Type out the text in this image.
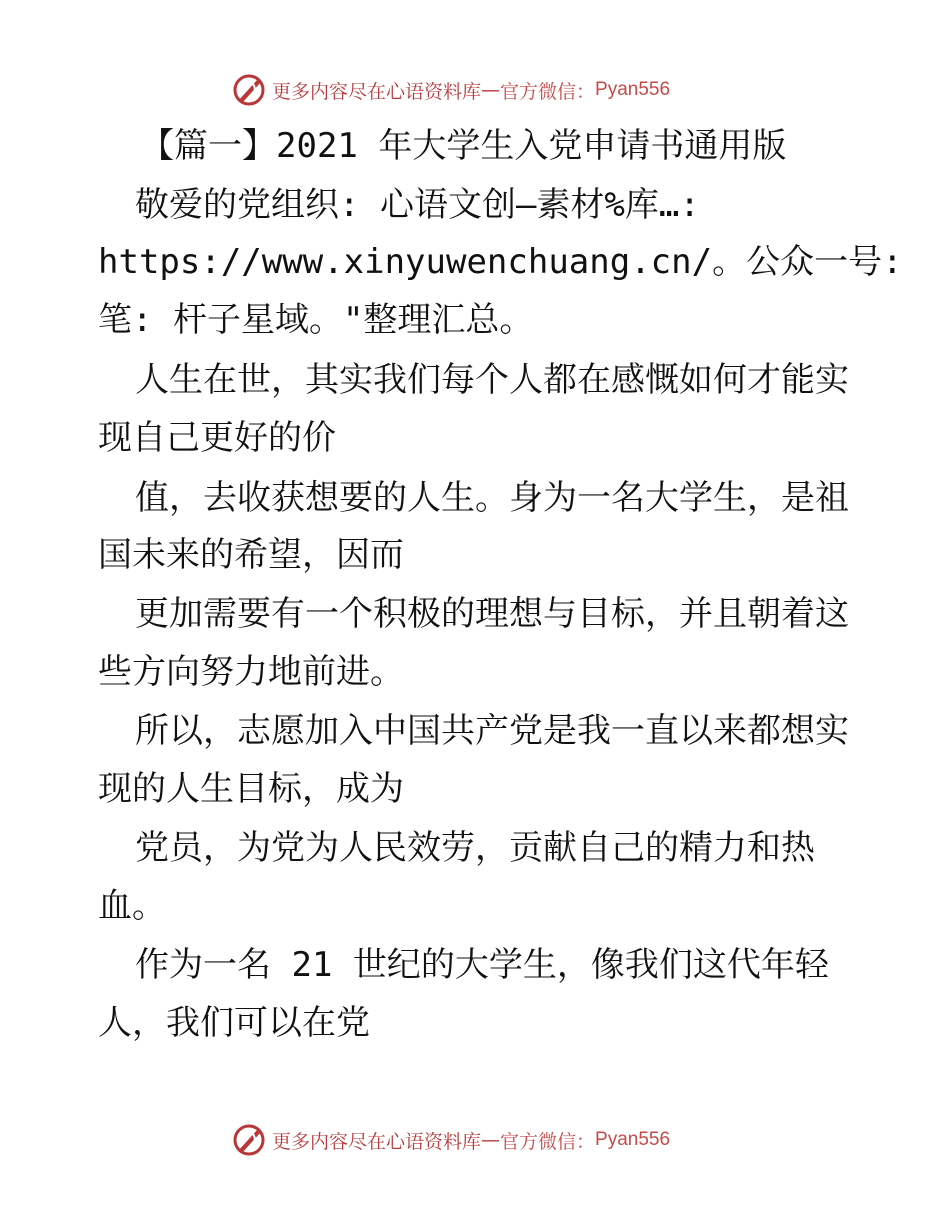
更多内容尽在心语资料库 — 官方微信： Pyan556
【篇一】2021 年大学生入党申请书通用版
敬爱的党组织: 心语文创—素材%库…:
https://www.xinyuwenchuang.cn/。公众一号:
笔: 杆子星域。"整理汇总。
人生在世，其实我们每个人都在感慨如何才能实
现自己更好的价
值，去收获想要的人生。身为一名大学生，是祖
国未来的希望，因而
更加需要有一个积极的理想与目标，并且朝着这
些方向努力地前进。
所以，志愿加入中国共产党是我一直以来都想实
现的人生目标，成为
党员，为党为人民效劳，贡献自己的精力和热
血。
作为一名 21 世纪的大学生，像我们这代年轻
人，我们可以在党
更多内容尽在心语资料库 — 官方微信： Pyan556
